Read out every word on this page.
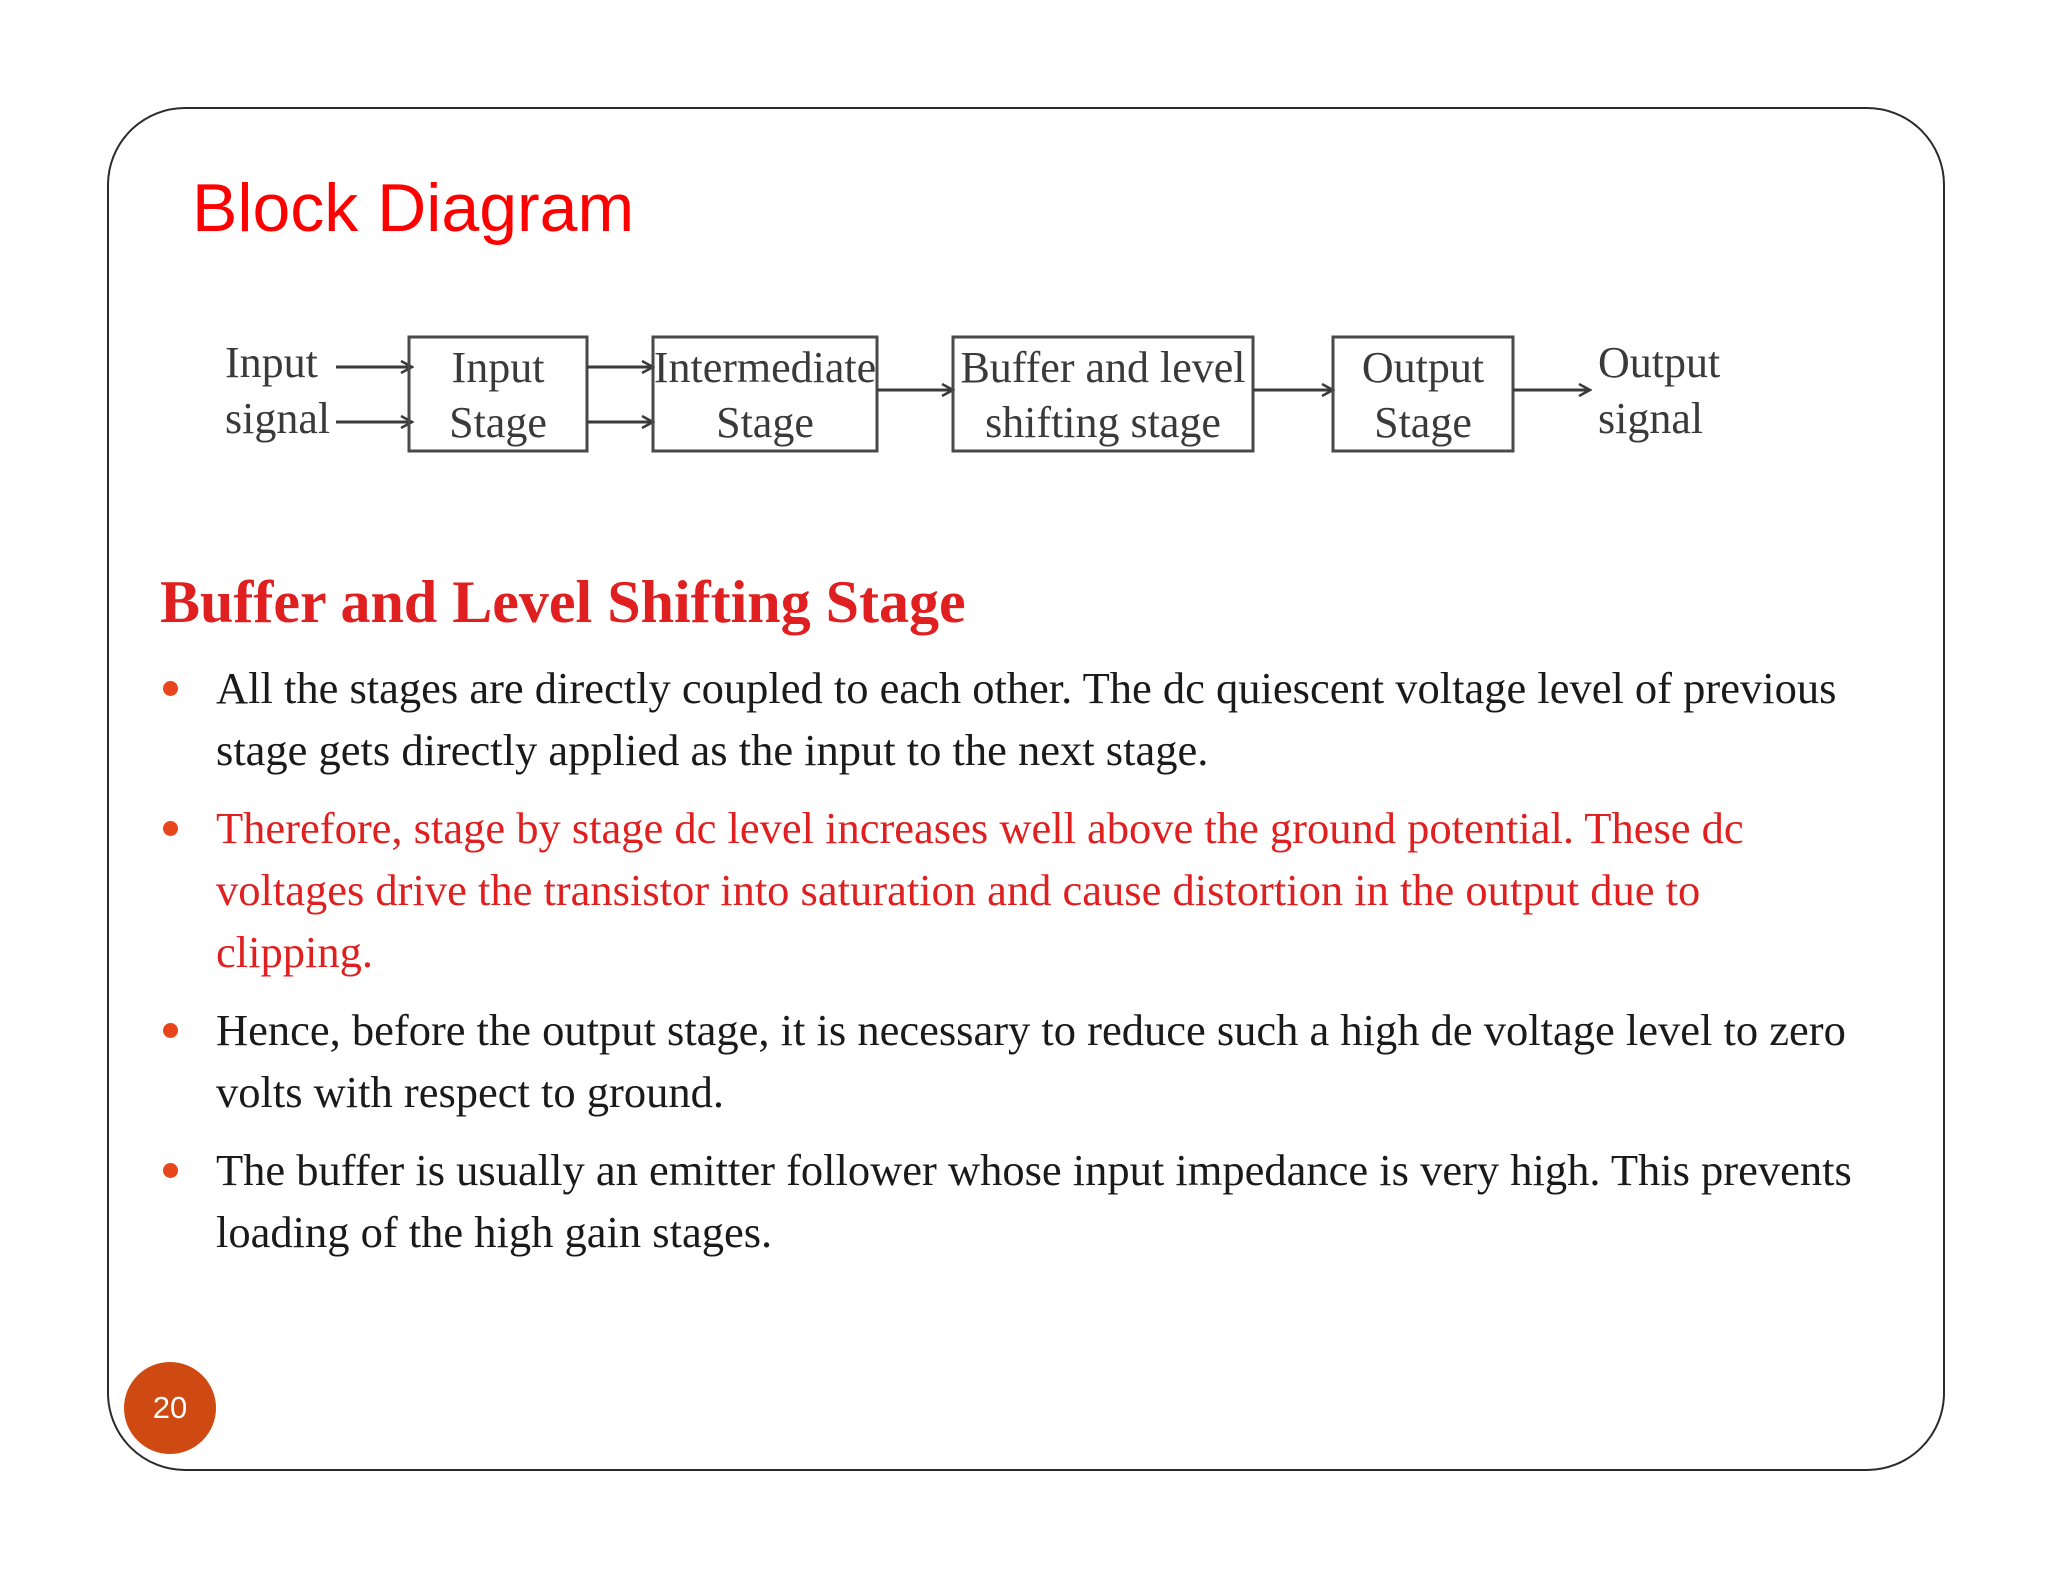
Block Diagram
Input
signal
Input
Stage
Intermediate
Stage
Buffer and level
shifting stage
Output
Stage
Output
signal
Buffer and Level Shifting Stage
All the stages are directly coupled to each other. The dc quiescent voltage level of previous stage gets directly applied as the input to the next stage.
Therefore, stage by stage dc level increases well above the ground potential. These dc voltages drive the transistor into saturation and cause distortion in the output due to clipping.
Hence, before the output stage, it is necessary to reduce such a high de voltage level to zero volts with respect to ground.
The buffer is usually an emitter follower whose input impedance is very high. This prevents loading of the high gain stages.
20
